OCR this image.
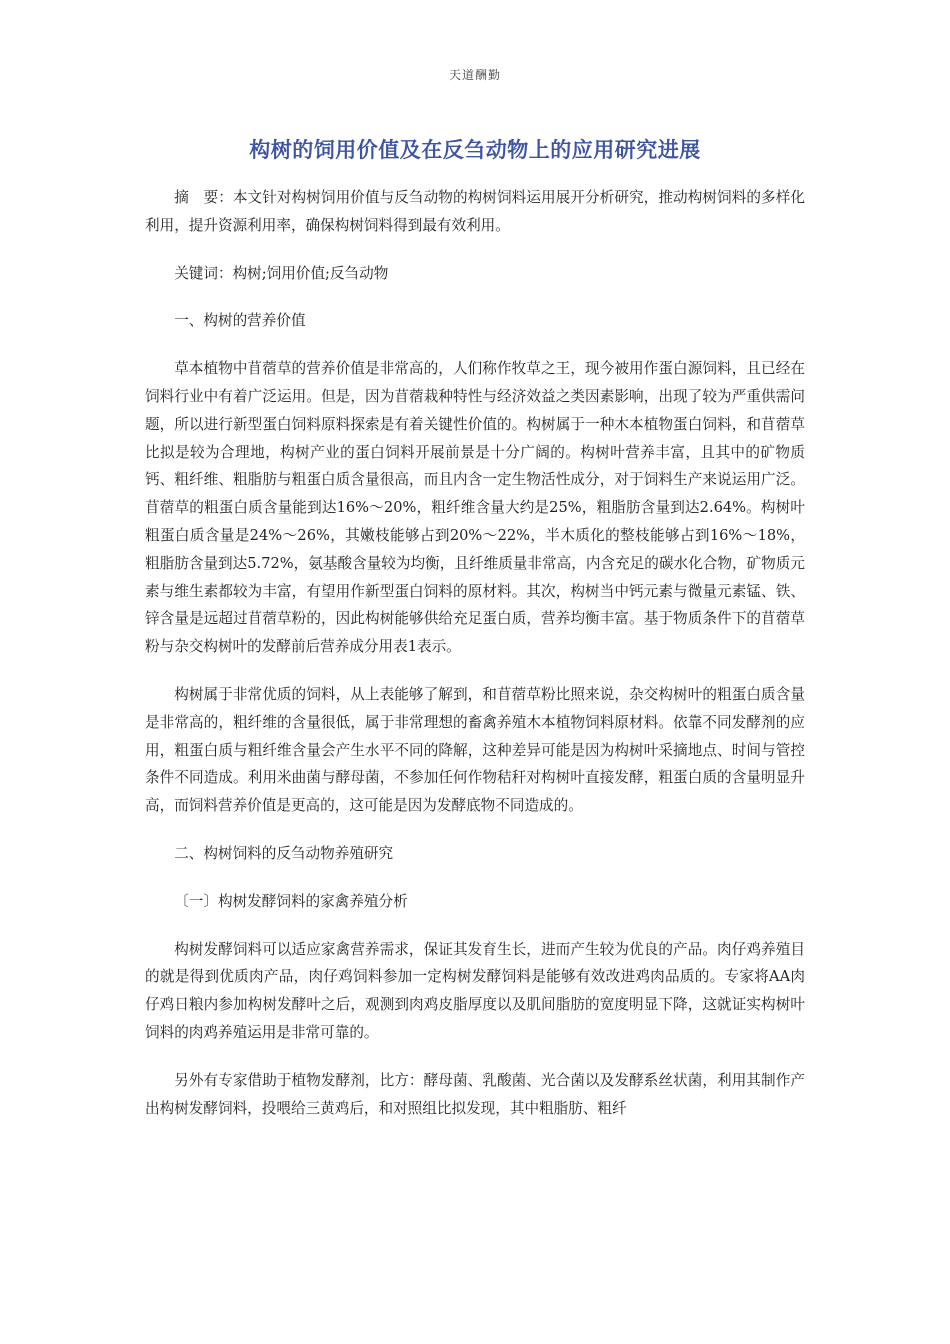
天道酬勤
构树的饲用价值及在反刍动物上的应用研究进展

摘　要：本文针对构树饲用价值与反刍动物的构树饲料运用展开分析研究，推动构树饲料的多样化利用，提升资源利用率，确保构树饲料得到最有效利用。

关键词：构树;饲用价值;反刍动物

一、构树的营养价值

草本植物中苜蓿草的营养价值是非常高的，人们称作牧草之王，现今被用作蛋白源饲料，且已经在饲料行业中有着广泛运用。但是，因为苜蓿栽种特性与经济效益之类因素影响，出现了较为严重供需问题，所以进行新型蛋白饲料原料探索是有着关键性价值的。构树属于一种木本植物蛋白饲料，和苜蓿草比拟是较为合理地，构树产业的蛋白饲料开展前景是十分广阔的。构树叶营养丰富，且其中的矿物质钙、粗纤维、粗脂肪与粗蛋白质含量很高，而且内含一定生物活性成分，对于饲料生产来说运用广泛。苜蓿草的粗蛋白质含量能到达16%～20%，粗纤维含量大约是25%，粗脂肪含量到达2.64%。构树叶粗蛋白质含量是24%～26%，其嫩枝能够占到20%～22%，半木质化的整枝能够占到16%～18%，粗脂肪含量到达5.72%，氨基酸含量较为均衡，且纤维质量非常高，内含充足的碳水化合物，矿物质元素与维生素都较为丰富，有望用作新型蛋白饲料的原材料。其次，构树当中钙元素与微量元素锰、铁、锌含量是远超过苜蓿草粉的，因此构树能够供给充足蛋白质，营养均衡丰富。基于物质条件下的苜蓿草粉与杂交构树叶的发酵前后营养成分用表1表示。

构树属于非常优质的饲料，从上表能够了解到，和苜蓿草粉比照来说，杂交构树叶的粗蛋白质含量是非常高的，粗纤维的含量很低，属于非常理想的畜禽养殖木本植物饲料原材料。依靠不同发酵剂的应用，粗蛋白质与粗纤维含量会产生水平不同的降解，这种差异可能是因为构树叶采摘地点、时间与管控条件不同造成。利用米曲菌与酵母菌，不参加任何作物秸秆对构树叶直接发酵，粗蛋白质的含量明显升高，而饲料营养价值是更高的，这可能是因为发酵底物不同造成的。

二、构树饲料的反刍动物养殖研究

〔一〕构树发酵饲料的家禽养殖分析

构树发酵饲料可以适应家禽营养需求，保证其发育生长，进而产生较为优良的产品。肉仔鸡养殖目的就是得到优质肉产品，肉仔鸡饲料参加一定构树发酵饲料是能够有效改进鸡肉品质的。专家将AA肉仔鸡日粮内参加构树发酵叶之后，观测到肉鸡皮脂厚度以及肌间脂肪的宽度明显下降，这就证实构树叶饲料的肉鸡养殖运用是非常可靠的。

另外有专家借助于植物发酵剂，比方：酵母菌、乳酸菌、光合菌以及发酵系丝状菌，利用其制作产出构树发酵饲料，投喂给三黄鸡后，和对照组比拟发现，其中粗脂肪、粗纤
